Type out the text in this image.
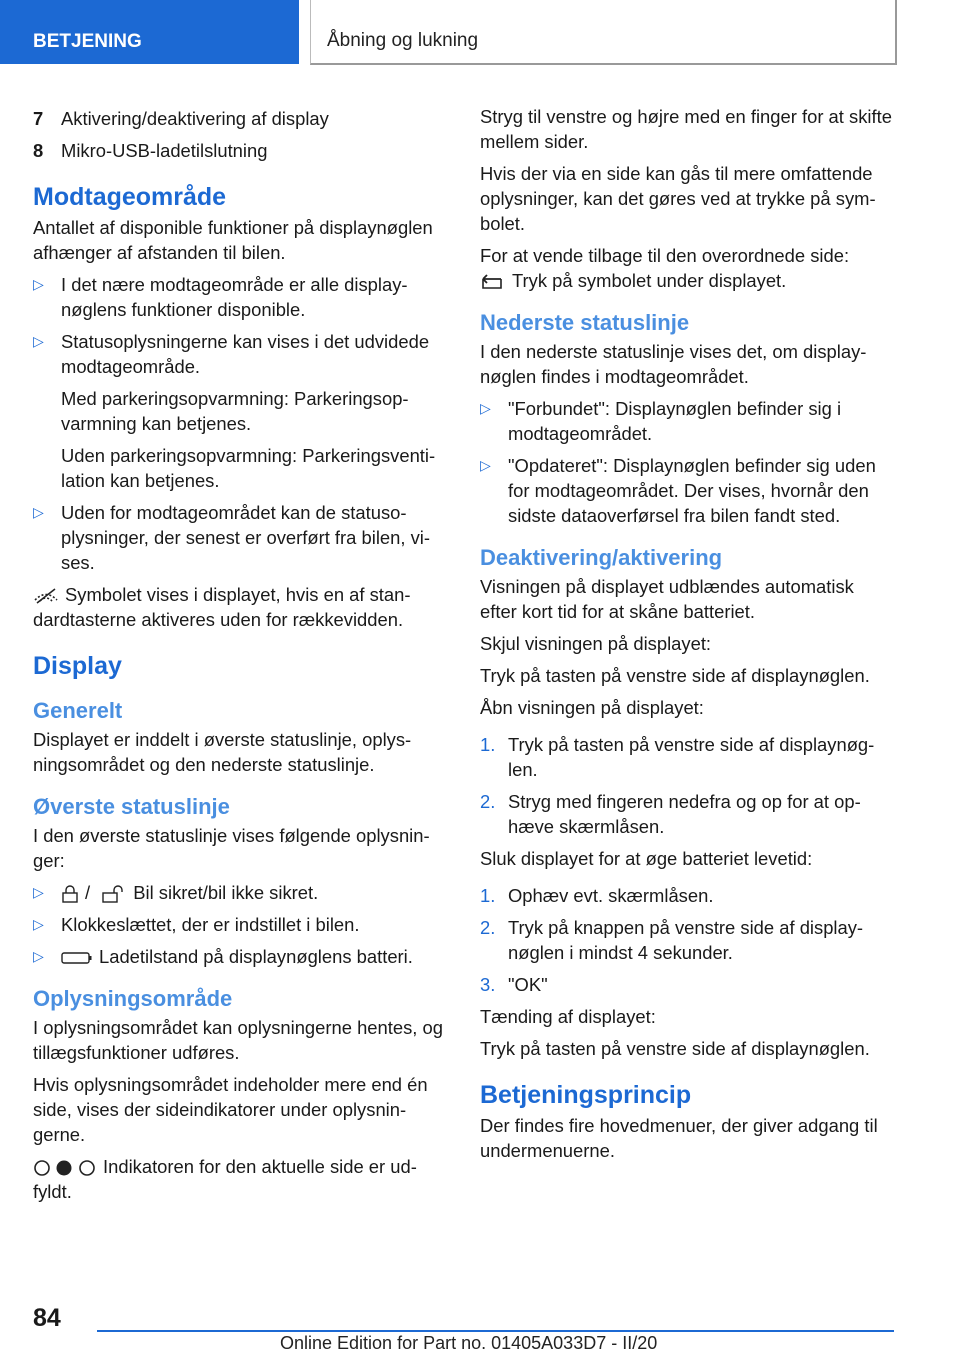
BETJENING	Åbning og lukning
7 Aktivering/deaktivering af display
8 Mikro-USB-ladetilslutning
Modtageområde

Antallet af disponible funktioner på displaynøglen afhænger af afstanden til bilen.

▷ I det nære modtageområde er alle display-nøglens funktioner disponible.
▷ Statusoplysningerne kan vises i det udvidede modtageområde.

Med parkeringsopvarmning: Parkeringsop-varmning kan betjenes.

Uden parkeringsopvarmning: Parkeringsventi-lation kan betjenes.

▷ Uden for modtageområdet kan de statuso-plysninger, der senest er overført fra bilen, vi-ses.

Symbolet vises i displayet, hvis en af stan-dardtasterne aktiveres uden for rækkevidden.

Display
Generelt

Displayet er inddelt i øverste statuslinje, oplys-ningsområdet og den nederste statuslinje.

Øverste statuslinje

I den øverste statuslinje vises følgende oplysnin-ger:

▷	/ Bil sikret/bil ikke sikret.
▷ Klokkeslættet, der er indstillet i bilen.
▷	Ladetilstand på displaynøglens batteri.
Oplysningsområde

I oplysningsområdet kan oplysningerne hentes, og tillægsfunktioner udføres.

Hvis oplysningsområdet indeholder mere end én side, vises der sideindikatorer under oplysnin-gerne.

Indikatoren for den aktuelle side er ud-fyldt.

Stryg til venstre og højre med en finger for at skifte mellem sider.

Hvis der via en side kan gås til mere omfattende oplysninger, kan det gøres ved at trykke på sym-bolet.

For at vende tilbage til den overordnede side:

Tryk på symbolet under displayet.

Nederste statuslinje

I den nederste statuslinje vises det, om display-nøglen findes i modtageområdet.

▷ "Forbundet": Displaynøglen befinder sig i modtageområdet.
▷ "Opdateret": Displaynøglen befinder sig uden for modtageområdet. Der vises, hvornår den sidste dataoverførsel fra bilen fandt sted.
Deaktivering/aktivering

Visningen på displayet udblændes automatisk efter kort tid for at skåne batteriet.

Skjul visningen på displayet:

Tryk på tasten på venstre side af displaynøglen.

Åbn visningen på displayet:

1. Tryk på tasten på venstre side af displaynøg-len.
2. Stryg med fingeren nedefra og op for at op-hæve skærmlåsen.

Sluk displayet for at øge batteriet levetid:

1. Ophæv evt. skærmlåsen.
2. Tryk på knappen på venstre side af display-nøglen i mindst 4 sekunder.
3. "OK"

Tænding af displayet:

Tryk på tasten på venstre side af displaynøglen.

Betjeningsprincip

Der findes fire hovedmenuer, der giver adgang til undermenuerne.

84
Online Edition for Part no. 01405A033D7 - II/20
